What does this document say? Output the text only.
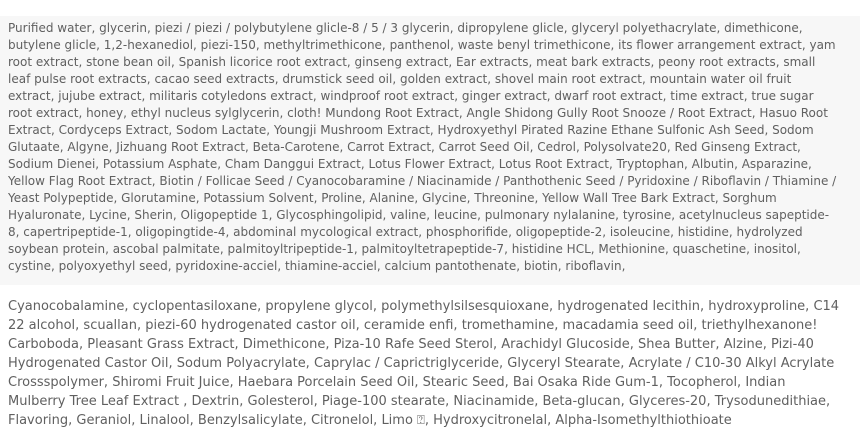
Purified water, glycerin, piezi / piezi / polybutylene glicle-8 / 5 / 3 glycerin, dipropylene glicle, glyceryl polyethacrylate, dimethicone, butylene glicle, 1,2-hexanediol, piezi-150, methyltrimethicone, panthenol, waste benyl trimethicone, its flower arrangement extract, yam root extract, stone bean oil, Spanish licorice root extract, ginseng extract, Ear extracts, meat bark extracts, peony root extracts, small leaf pulse root extracts, cacao seed extracts, drumstick seed oil, golden extract, shovel main root extract, mountain water oil fruit extract, jujube extract, militaris cotyledons extract, windproof root extract, ginger extract, dwarf root extract, time extract, true sugar root extract, honey, ethyl nucleus sylglycerin, cloth! Mundong Root Extract, Angle Shidong Gully Root Snooze / Root Extract, Hasuo Root Extract, Cordyceps Extract, Sodom Lactate, Youngji Mushroom Extract, Hydroxyethyl Pirated Razine Ethane Sulfonic Ash Seed, Sodom Glutaate, Algyne, Jizhuang Root Extract, Beta-Carotene, Carrot Extract, Carrot Seed Oil, Cedrol, Polysolvate20, Red Ginseng Extract, Sodium Dienei, Potassium Asphate, Cham Danggui Extract, Lotus Flower Extract, Lotus Root Extract, Tryptophan, Albutin, Asparazine, Yellow Flag Root Extract, Biotin / Follicae Seed / Cyanocobaramine / Niacinamide / Panthothenic Seed / Pyridoxine / Riboflavin / Thiamine / Yeast Polypeptide, Glorutamine, Potassium Solvent, Proline, Alanine, Glycine, Threonine, Yellow Wall Tree Bark Extract, Sorghum Hyaluronate, Lycine, Sherin, Oligopeptide 1, Glycosphingolipid, valine, leucine, pulmonary nylalanine, tyrosine, acetylnucleus sapeptide-8, capertripeptide-1, oligopingtide-4, abdominal mycological extract, phosphorifide, oligopeptide-2, isoleucine, histidine, hydrolyzed soybean protein, ascobal palmitate, palmitoyltripeptide-1, palmitoyltetrapeptide-7, histidine HCL, Methionine, quaschetine, inositol, cystine, polyoxyethyl seed, pyridoxine-acciel, thiamine-acciel, calcium pantothenate, biotin, riboflavin,

Cyanocobalamine, cyclopentasiloxane, propylene glycol, polymethylsilsesquioxane, hydrogenated lecithin, hydroxyproline, C14 22 alcohol, scuallan, piezi-60 hydrogenated castor oil, ceramide enfi, tromethamine, macadamia seed oil, triethylhexanone! Carboboda, Pleasant Grass Extract, Dimethicone, Piza-10 Rafe Seed Sterol, Arachidyl Glucoside, Shea Butter, Alzine, Pizi-40 Hydrogenated Castor Oil, Sodum Polyacrylate, Caprylac / Caprictriglyceride, Glyceryl Stearate, Acrylate / C10-30 Alkyl Acrylate Crossspolymer, Shiromi Fruit Juice, Haebara Porcelain Seed Oil, Stearic Seed, Bai Osaka Ride Gum-1, Tocopherol, Indian Mulberry Tree Leaf Extract , Dextrin, Golesterol, Piage-100 stearate, Niacinamide, Beta-glucan, Glyceres-20, Trysodunedithiae, Flavoring, Geraniol, Linalool, Benzylsalicylate, Citronelol, Limo ⍰, Hydroxycitronelal, Alpha-Isomethylthiothioate
